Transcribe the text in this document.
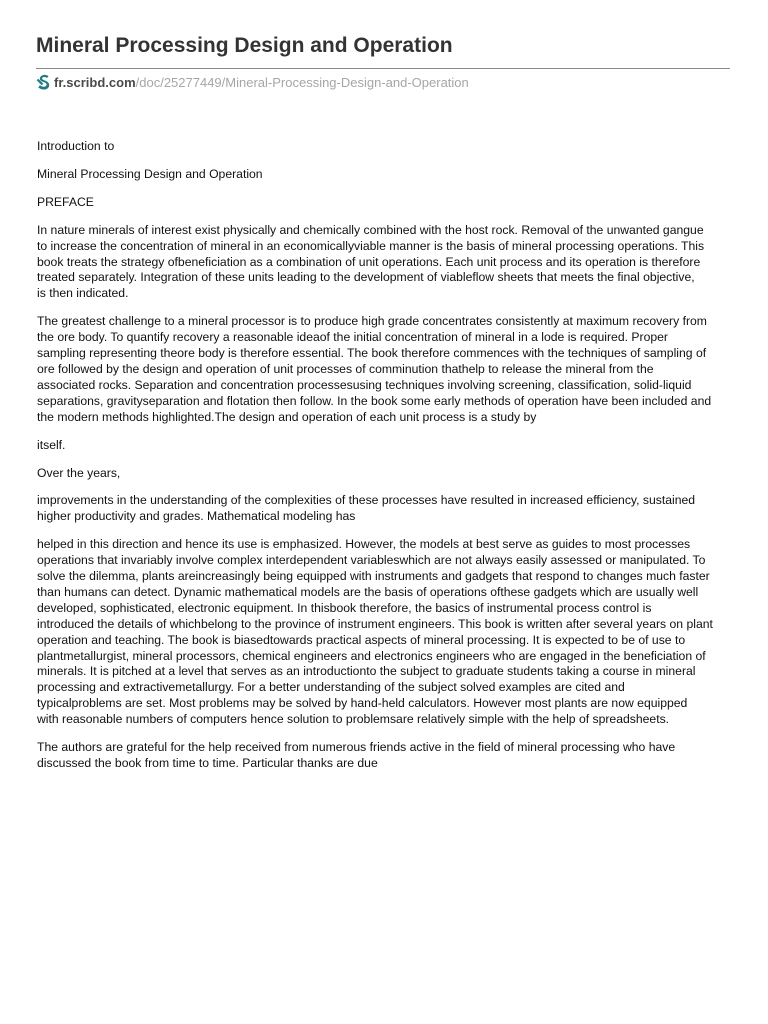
Mineral Processing Design and Operation
fr.scribd.com /doc/25277449/Mineral-Processing-Design-and-Operation

Introduction to

Mineral Processing Design and Operation

PREFACE

In nature minerals of interest exist physically and chemically combined with the host rock. Removal of the unwanted gangue
to increase the concentration of mineral in an economicallyviable manner is the basis of mineral processing operations. This
book treats the strategy ofbeneficiation as a combination of unit operations. Each unit process and its operation is therefore
treated separately. Integration of these units leading to the development of viableflow sheets that meets the final objective,
is then indicated.

The greatest challenge to a mineral processor is to produce high grade concentrates consistently at maximum recovery from
the ore body. To quantify recovery a reasonable ideaof the initial concentration of mineral in a lode is required. Proper
sampling representing theore body is therefore essential. The book therefore commences with the techniques of sampling of
ore followed by the design and operation of unit processes of comminution thathelp to release the mineral from the
associated rocks. Separation and concentration processesusing techniques involving screening, classification, solid-liquid
separations, gravityseparation and flotation then follow. In the book some early methods of operation have been included and
the modern methods highlighted.The design and operation of each unit process is a study by

itself.

Over the years,

improvements in the understanding of the complexities of these processes have resulted in increased efficiency, sustained
higher productivity and grades. Mathematical modeling has

helped in this direction and hence its use is emphasized. However, the models at best serve as guides to most processes
operations that invariably involve complex interdependent variableswhich are not always easily assessed or manipulated. To
solve the dilemma, plants areincreasingly being equipped with instruments and gadgets that respond to changes much faster
than humans can detect. Dynamic mathematical models are the basis of operations ofthese gadgets which are usually well
developed, sophisticated, electronic equipment. In thisbook therefore, the basics of instrumental process control is
introduced the details of whichbelong to the province of instrument engineers. This book is written after several years on plant
operation and teaching. The book is biasedtowards practical aspects of mineral processing. It is expected to be of use to
plantmetallurgist, mineral processors, chemical engineers and electronics engineers who are engaged in the beneficiation of
minerals. It is pitched at a level that serves as an introductionto the subject to graduate students taking a course in mineral
processing and extractivemetallurgy. For a better understanding of the subject solved examples are cited and
typicalproblems are set. Most problems may be solved by hand-held calculators. However most plants are now equipped
with reasonable numbers of computers hence solution to problemsare relatively simple with the help of spreadsheets.

The authors are grateful for the help received from numerous friends active in the field of mineral processing who have
discussed the book from time to time. Particular thanks are due
